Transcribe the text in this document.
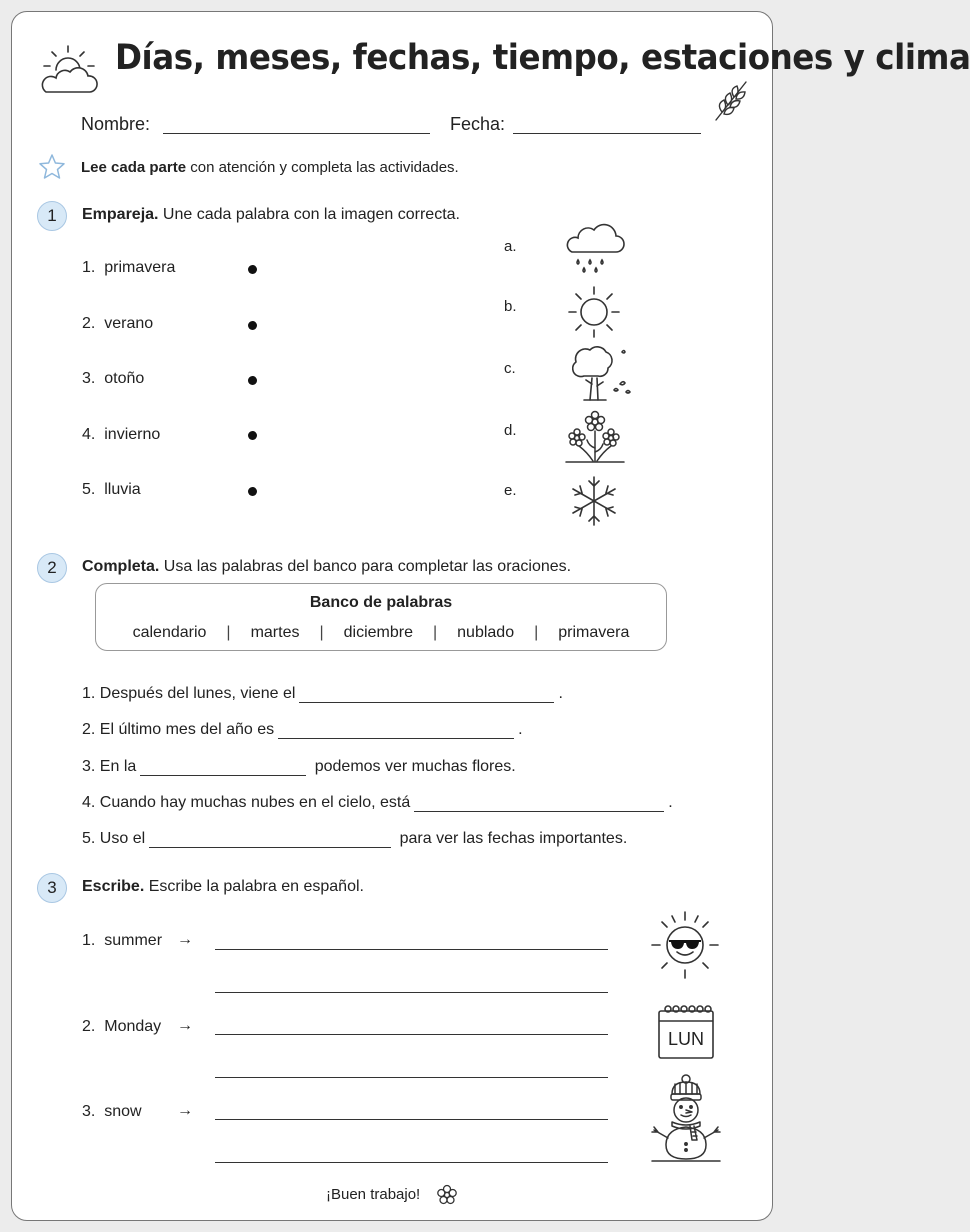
Días, meses, fechas, tiempo, estaciones y clima
Nombre:	Fecha:
Lee cada parte con atención y completa las actividades.
1	Empareja. Une cada palabra con la imagen correcta.
1. primavera
2. verano
3. otoño
4. invierno
5. lluvia
a.
b.
c.
d.
e.
2	Completa. Usa las palabras del banco para completar las oraciones.
Banco de palabras
calendario | martes | diciembre | nublado | primavera
1.
Después del lunes, viene el	.
2.
El último mes del año es	.
3.
En la
	podemos ver muchas flores.
4.
Cuando hay muchas nubes en el cielo, está	.
5.
Uso el
	para ver las fechas importantes.
3	Escribe. Escribe la palabra en español.
1. summer →
2. Monday →
3. snow →
LUN
¡Buen trabajo!
